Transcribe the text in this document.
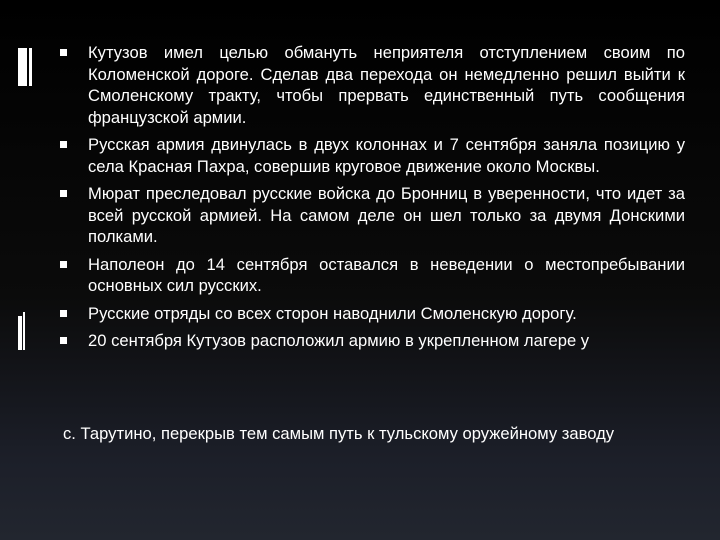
Кутузов имел целью обмануть неприятеля отступлением своим по Коломенской дороге. Сделав два перехода он немедленно решил выйти к Смоленскому тракту, чтобы прервать единственный путь сообщения французской армии.
Русская армия двинулась в двух колоннах и 7 сентября заняла позицию у села Красная Пахра, совершив круговое движение около Москвы.
Мюрат преследовал русские войска до Бронниц в уверенности, что идет за всей русской армией. На самом деле он шел только за двумя Донскими полками.
Наполеон до 14 сентября оставался в неведении о местопребывании основных сил русских.
Русские отряды со всех сторон наводнили Смоленскую дорогу.
20 сентября Кутузов расположил армию в укрепленном лагере у
с. Тарутино, перекрыв тем самым путь к тульскому оружейному заводу
